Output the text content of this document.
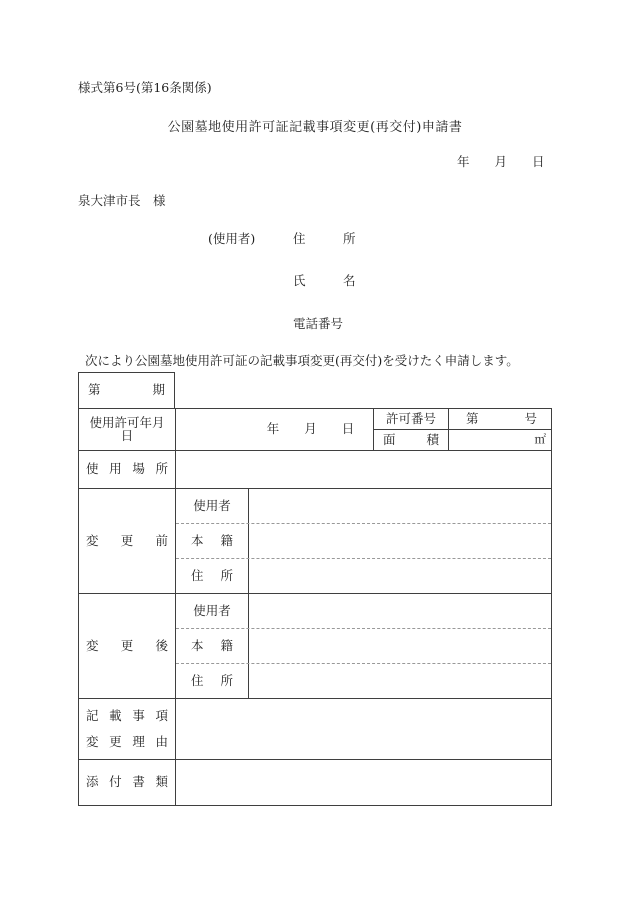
様式第6号(第16条関係)
公園墓地使用許可証記載事項変更(再交付)申請書
年　　月　　日
泉大津市長　様
(使用者)	住　　　所
氏　　　名
電話番号
次により公園墓地使用許可証の記載事項変更(再交付)を受けたく申請します。
第	期
使用許可年月日	年　　月　　日
許可番号 第	号
面積	㎡
使用場所
変更前
使用者
本籍
住所
変更後
使用者
本籍
住所
記載事項
変更理由
添付書類
